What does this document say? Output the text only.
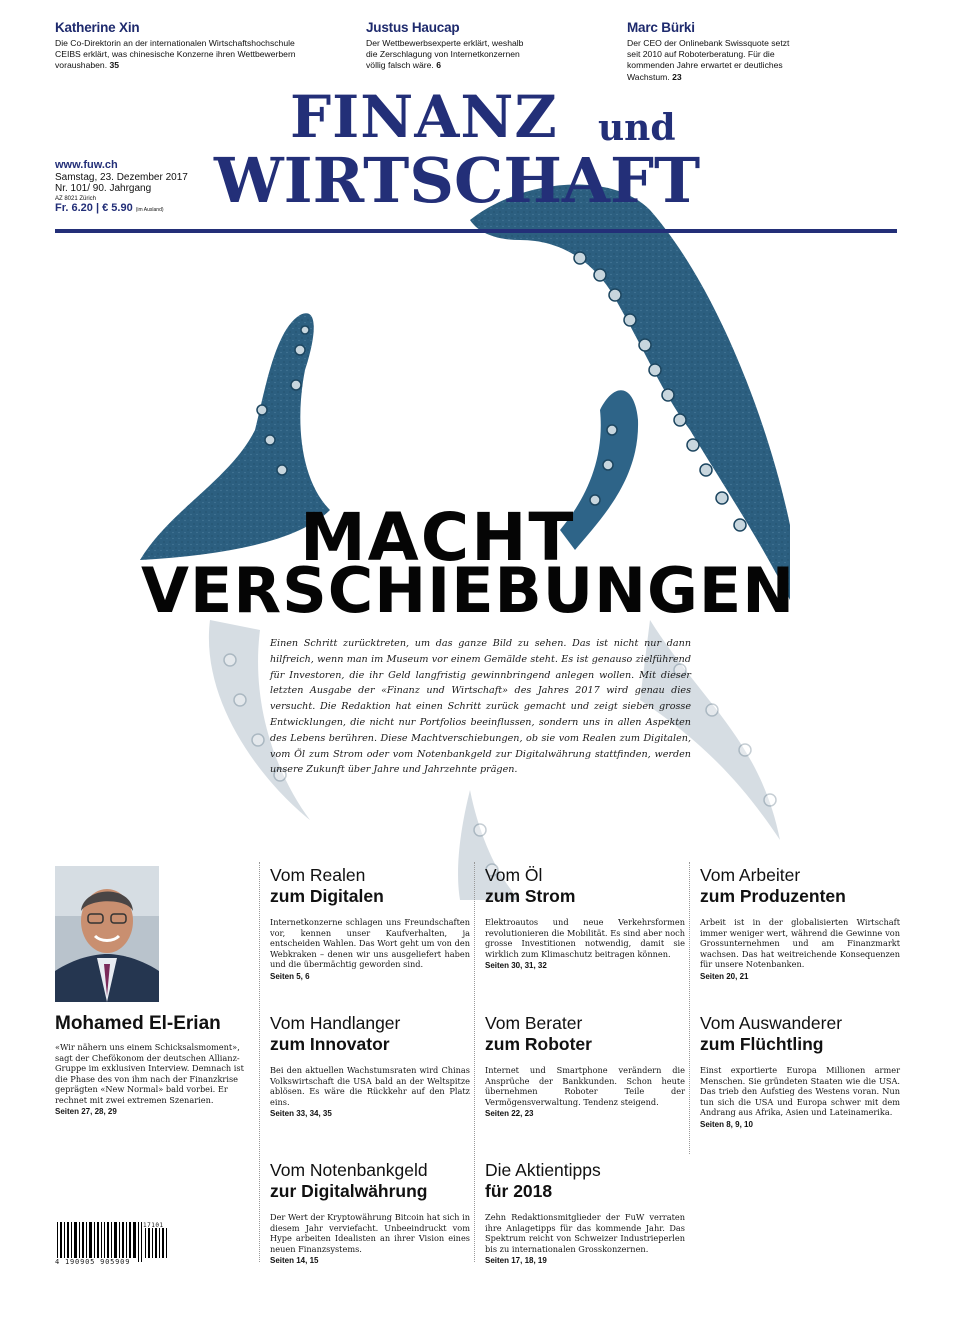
Katherine Xin
Die Co-Direktorin an der internationalen Wirtschaftshochschule CEIBS erklärt, was chinesische Konzerne ihren Wettbewerbern voraushaben. 35
Justus Haucap
Der Wettbewerbsexperte erklärt, weshalb die Zerschlagung von Internetkonzernen völlig falsch wäre. 6
Marc Bürki
Der CEO der Onlinebank Swissquote setzt seit 2010 auf Roboterberatung. Für die kommenden Jahre erwartet er deutliches Wachstum. 23
www.fuw.ch
Samstag, 23. Dezember 2017
Nr. 101/ 90. Jahrgang
AZ 8021 Zürich
Fr. 6.20 | € 5.90 (im Ausland)
FINANZ und
WIRTSCHAFT
MACHT
VERSCHIEBUNGEN
Einen Schritt zurücktreten, um das ganze Bild zu sehen. Das ist nicht nur dann hilfreich, wenn man im Museum vor einem Gemälde steht. Es ist genauso zielführend für Investoren, die ihr Geld langfristig gewinnbringend anlegen wollen. Mit dieser letzten Ausgabe der «Finanz und Wirtschaft» des Jahres 2017 wird genau dies versucht. Die Redaktion hat einen Schritt zurück gemacht und zeigt sieben grosse Entwicklungen, die nicht nur Portfolios beeinflussen, sondern uns in allen Aspekten des Lebens berühren. Diese Machtverschiebungen, ob sie vom Realen zum Digitalen, vom Öl zum Strom oder vom Notenbankgeld zur Digitalwährung stattfinden, werden unsere Zukunft über Jahre und Jahrzehnte prägen.
Mohamed El-Erian
«Wir nähern uns einem Schicksalsmoment», sagt der Chefökonom der deutschen Allianz-Gruppe im exklusiven Interview. Demnach ist die Phase des von ihm nach der Finanzkrise geprägten «New Normal» bald vorbei. Er rechnet mit zwei extremen Szenarien.
Seiten 27, 28, 29
Vom Realen
zum Digitalen
Internetkonzerne schlagen uns Freundschaften vor, kennen unser Kaufverhalten, ja entscheiden Wahlen. Das Wort geht um von den Webkraken – denen wir uns ausgeliefert haben und die übermächtig geworden sind.
Seiten 5, 6
Vom Öl
zum Strom
Elektroautos und neue Verkehrsformen revolutionieren die Mobilität. Es sind aber noch grosse Investitionen notwendig, damit sie wirklich zum Klimaschutz beitragen können.
Seiten 30, 31, 32
Vom Arbeiter
zum Produzenten
Arbeit ist in der globalisierten Wirtschaft immer weniger wert, während die Gewinne von Grossunternehmen und am Finanzmarkt wachsen. Das hat weitreichende Konsequenzen für unsere Notenbanken.
Seiten 20, 21
Vom Handlanger
zum Innovator
Bei den aktuellen Wachstumsraten wird Chinas Volkswirtschaft die USA bald an der Weltspitze ablösen. Es wäre die Rückkehr auf den Platz eins.
Seiten 33, 34, 35
Vom Berater
zum Roboter
Internet und Smartphone verändern die Ansprüche der Bankkunden. Schon heute übernehmen Roboter Teile der Vermögensverwaltung. Tendenz steigend.
Seiten 22, 23
Vom Auswanderer
zum Flüchtling
Einst exportierte Europa Millionen armer Menschen. Sie gründeten Staaten wie die USA. Das trieb den Aufstieg des Westens voran. Nun tun sich die USA und Europa schwer mit dem Andrang aus Afrika, Asien und Lateinamerika.
Seiten 8, 9, 10
Vom Notenbankgeld
zur Digitalwährung
Der Wert der Kryptowährung Bitcoin hat sich in diesem Jahr verviefacht. Unbeeindruckt vom Hype arbeiten Idealisten an ihrer Vision eines neuen Finanzsystems.
Seiten 14, 15
Die Aktientipps
für 2018
Zehn Redaktionsmitglieder der FuW verraten ihre Anlagetipps für das kommende Jahr. Das Spektrum reicht von Schweizer Industrieperlen bis zu internationalen Grosskonzernen.
Seiten 17, 18, 19
4 190905 905909
17101
